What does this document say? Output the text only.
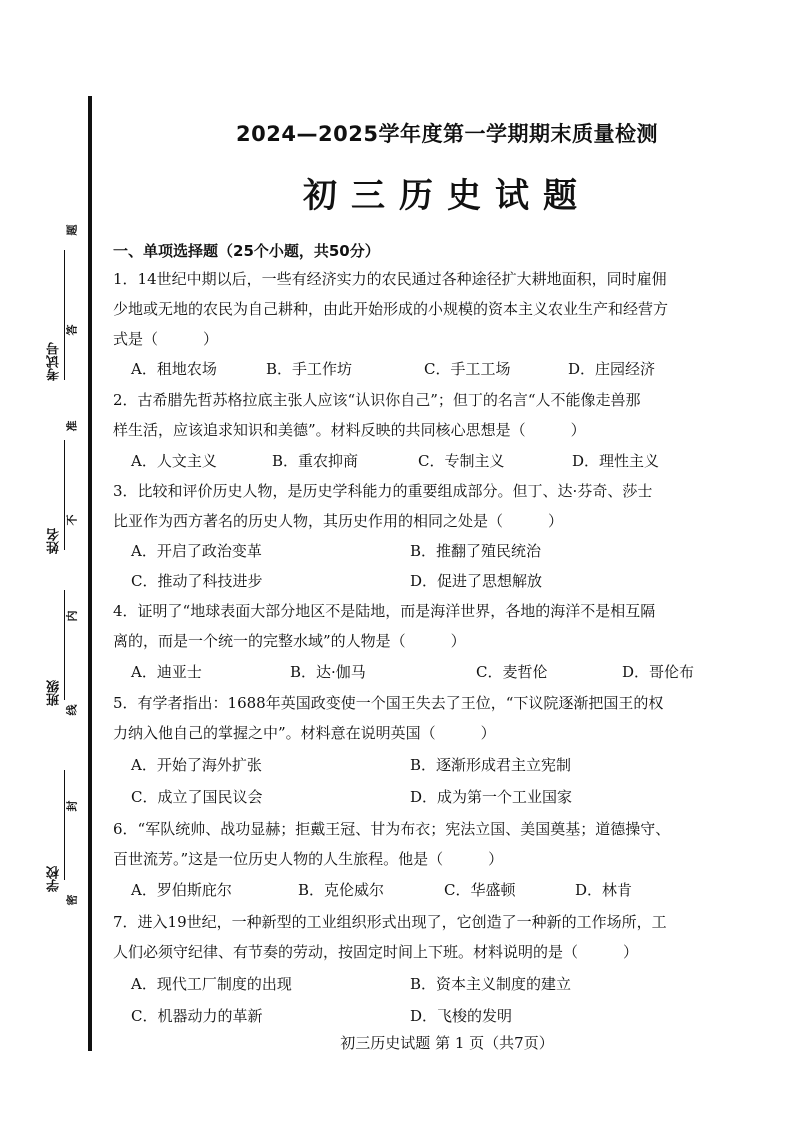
考试号
姓名
班级
学校
题
答
准
不
内
线
封
密
2024—2025学年度第一学期期末质量检测
初三历史试题
一、单项选择题（25个小题，共50分）
1．14世纪中期以后，一些有经济实力的农民通过各种途径扩大耕地面积，同时雇佣
少地或无地的农民为自己耕种，由此开始形成的小规模的资本主义农业生产和经营方
式是（　　　）
A．租地农场	B．手工作坊	C．手工工场	D．庄园经济
2．古希腊先哲苏格拉底主张人应该“认识你自己”；但丁的名言“人不能像走兽那
样生活，应该追求知识和美德”。材料反映的共同核心思想是（　　　）
A．人文主义	B．重农抑商	C．专制主义	D．理性主义
3．比较和评价历史人物，是历史学科能力的重要组成部分。但丁、达·芬奇、莎士
比亚作为西方著名的历史人物，其历史作用的相同之处是（　　　）
A．开启了政治变革	B．推翻了殖民统治
C．推动了科技进步	D．促进了思想解放
4．证明了“地球表面大部分地区不是陆地，而是海洋世界，各地的海洋不是相互隔
离的，而是一个统一的完整水域”的人物是（　　　）
A．迪亚士	B．达·伽马	C．麦哲伦	D．哥伦布
5．有学者指出：1688年英国政变使一个国王失去了王位，“下议院逐渐把国王的权
力纳入他自己的掌握之中”。材料意在说明英国（　　　）
A．开始了海外扩张	B．逐渐形成君主立宪制
C．成立了国民议会	D．成为第一个工业国家
6．“军队统帅、战功显赫；拒戴王冠、甘为布衣；宪法立国、美国奠基；道德操守、
百世流芳。”这是一位历史人物的人生旅程。他是（　　　）
A．罗伯斯庇尔	B．克伦威尔	C．华盛顿	D．林肯
7．进入19世纪，一种新型的工业组织形式出现了，它创造了一种新的工作场所，工
人们必须守纪律、有节奏的劳动，按固定时间上下班。材料说明的是（　　　）
A．现代工厂制度的出现	B．资本主义制度的建立
C．机器动力的革新	D．飞梭的发明
初三历史试题 第 1 页（共7页）
